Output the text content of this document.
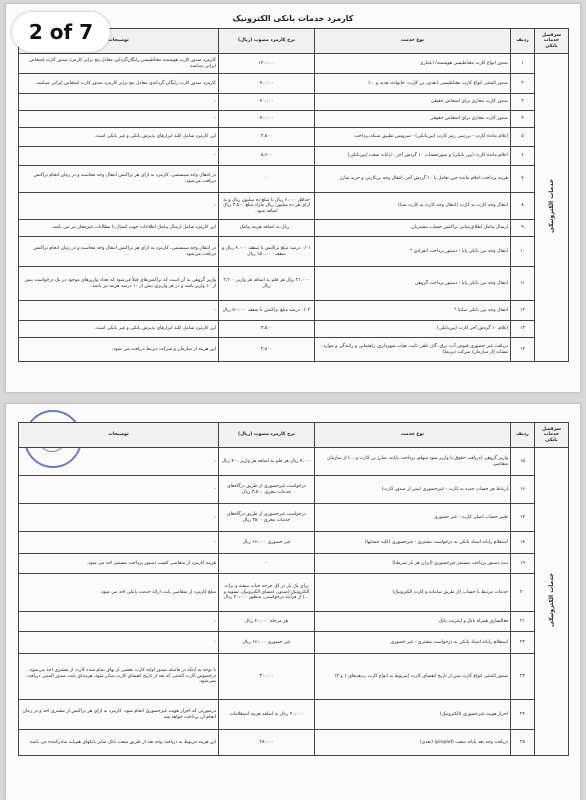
2 of 7
کارمزد خدمات بانکی الکترونیک
سرفصل خدمات بانکی	ردیف	نوع خدمت	نرخ کارمزد مصوب (ریال)	توضیحات
خدمات الکترونیکی	۱	صدور انواع کارت مغناطیسی هوشمند/ اعتباری	۱۴۰،۰۰۰	کارمزد صدور کارت هوشمند مغناطیسی رایگان‌گردانی معادل پنج برابر کارمزد صدور کارت اشخاص ایرانی میباشد.
	۲	صدور المثنی انواع کارت مغناطیسی (نقدی، بن کارت، خانواده، هدیه و ...)	۷۰،۰۰۰	کارمزد صدور کارت رایگان گرداندی معادل پنج برابر کارمزد صدور کارت اشخاص ایرانی میباشد.
	۳	صدور کارت مجازی برای اشخاص حقیقی	۷۰،۰۰۰	-
	۴	صدور کارت مجازی برای اشخاص حقوقی	۷۰،۰۰۰	-
	۵	اعلام مانده کارت - بررسی رمز کارت (پین‌بانکی) - سرویس تطبیق شبکه پرداخت	۲،۸۰۰	این کارمزد شامل کلیه ابزارهای پذیرش بانکی و غیر بانکی است.
	۶	اعلام مانده کارت (پین بانکی) و صورتحساب ۱۰ گردش آخر - (پایانه شعب /پین‌بانکی)	۵،۶۰۰	-
	۷	هزینه پرداخت اعلام مانده حین تعامل با ۱۰ گردش آخر، انتقال وجه بی‌کارتی و خرید شارژ	-	در انتقال وجه سیستمی، کارمزد به ازای هر تراکنش انتقال وجه محاسبه و در زمان انجام تراکنش دریافت می‌شود.
	۸	انتقال وجه کارت به کارت (انتقال وجه کارت به کارت شبا)	حداقل ۶،۰۰۰ ریال تا مبلغ ده میلیون ریال و به ازای هر ده میلیون ریال مازاد مبلغ ۳،۵۰۰ ریال اضافه شود.	-
	۹	ارسال پیامک اطلاع‌رسانی تراکنش حساب مشتریان	۰ ریال به اضافه هزینه پیامک	این کارمزد شامل ارسال پیامک اطلاعات جهت اتصال با مطالبات غیرمجاز نیز می باشد.
	۱۰	انتقال وجه بین بانکی پایا - دستور پرداخت انفرادی *	۰/۰۱ درصد مبلغ تراکنش تا سقف ۴،۰۰۰ ریال و سقف ۱۵۰،۰۰۰ ریال	در انتقال وجه سیستمی، کارمزد به ازای هر تراکنش انتقال وجه محاسبه و در زمان انجام تراکنش دریافت می‌شود.
	۱۱	انتقال وجه بین بانکی پایا - دستور پرداخت گروهی	۲۱،۰۰۰ ریال هر قلم به اضافه هر واریز ۲،۲۰۰ ریال	واریز گروهی به آن است که تراکنش‌های قبلاً فی‌شود که تعداد واریزهای موجود در یک درخواست بیش از ۱۰ واریز باشد و در هر واریزی بیش از ۱۰ درصد هزینه نیز باشد.
	۱۲	انتقال وجه بین بانکی ساتنا *	۰/۰۲ درصد مبلغ تراکنش تا سقف ۵۰،۰۰۰ ریال	-
	۱۳	اعلام ۱۰ گردش آخر کارت (پین‌بانکی)	۳،۵۰۰	این کارمزد شامل کلیه ابزارهای پذیرش بانکی و غیر بانکی است.
	۱۴	دریافت غیر حضوری قبوض آب، برق، گاز، تلفن ثابت، هیات شهرداری، راهنمایی و رانندگی و موارد مشابه (از سازمان/ شرکت ذیربط)	۲،۸۰۰	این هزینه از سازمان و شرکت ذیربط دریافت می شود.
سرفصل خدمات بانکی	ردیف	نوع خدمت	نرخ کارمزد مصوب (ریال)	توضیحات
خدمات الکترونیکی	۱۵	واریز گروهی (دریافت حقوق یا واریز سود سهام، پرداخت پایانه، شارژ بن کارت و ...) از سازمان متقاضی	۷،۰۰۰ ریال هر قلم به اضافه هر واریز ۴۰۰ ریال	-
	۱۶	ارتباط هر حساب جدید به کارت - غیرحضوری (پس از صدور کارت)	درخواست غیرحضوری از طریق درگاه‌های خدمات مجزی ۳،۵۰۰ ریال	-
	۱۷	تغییر حساب اصلی کارت - غیر حضوری	درخواست غیرحضوری از طریق درگاه‌های خدمات مجزی ۳۵۰۰ ریال	-
	۱۸	استعلام رایانه اسناد بانکی به درخواست مشتری - غیرحضوری (کلیه حسابها)	غیر حضوری ۶۶،۰۰۰ ریال	-
	۱۹	ثبت دستور پرداخت مستمر غیرحضوری (ایران هر بار شرطبا)	-	هزینه کارمزد از متقاضی کسب دستور پرداخت مستمر اخذ می شود.
	۲۰	خدمات مرتبط با حساب (از طریق سامانه و کارت الکترونیک)	برای یک بار در کل چرخه حیات سفته و برات الکترونیک (صدور، امضای الکترونیک، تسویه و ...) از فرآیند درخواستی، منظور ۴۰،۰۰۰ ریال	مبلغ کارمزد از متقاضی بابت ارائه خدمت بانکی اخذ می شود.
	۲۱	فعالسازی همراه بانک و اینترنت بانک	هر مرحله ۴۰،۰۰۰ ریال	-
	۲۲	استعلام رایانه اسناد بانکی به درخواست مشتری - غیر حضوری	غیر حضوری ۶۶،۰۰۰ ریال	-
	۲۳	صدور المثنی انواع کارت پس از تاریخ انقضای کارت (مربوط به انواع کارت ردیف‌های ۱ و ۲)	۳۰،۰۰۰	با توجه به اینکه در فاصله صدور اولیه کارت بخشی از بهای تمام شده کارت از مشتری اخذ می‌شود، درخصوص کارت المثنی که بعد از تاریخ انقضای کارت صادر شود، هزینه‌ای بابت صدور المثنی دریافت نمی‌شود.
	۲۴	احراز هویت غیرحضوری (الکترونیک)	۴۰،۰۰۰ ریال به اضافه هزینه استعلامات	درصورتی که احراز هویت غیرحضوری انجام شود، کارمزد به ازای هر تراکنش از مشتری اخذ و در زمان انجام آن پرداخت خواهد شد.
	۲۵	دریافت وجه نقد پایانه شعب (pinpad) (نقدی)	۲۸،۰۰۰	این هزینه مربوط به دریافت وجه نقد از طریق شعب بانک سایر بانکهای هم‌پایه صادرکننده می باشد.
